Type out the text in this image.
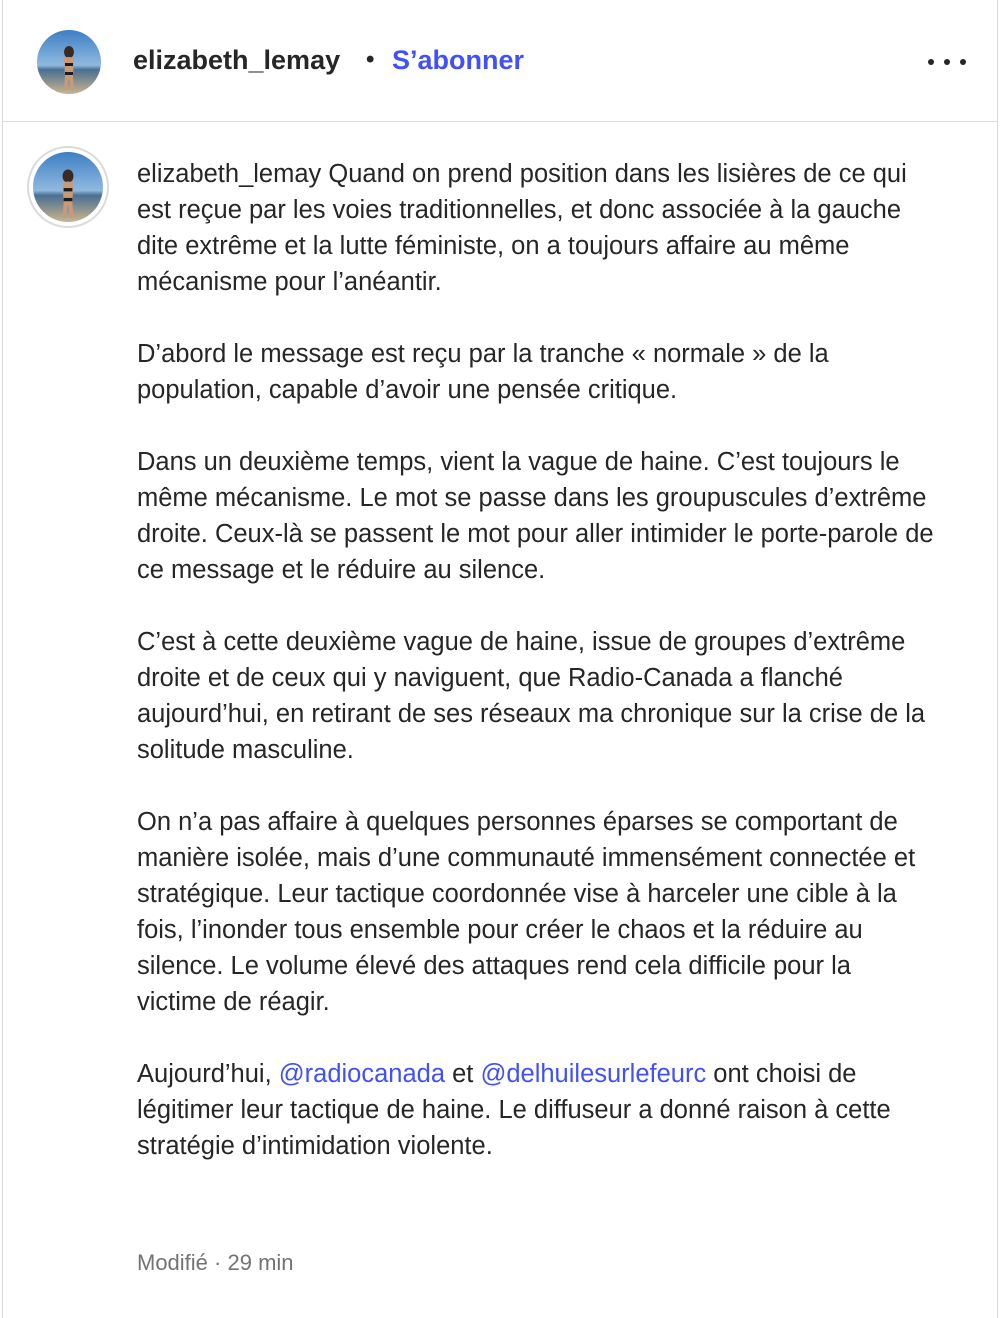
elizabeth_lemay • S’abonner

elizabeth_lemay Quand on prend position dans les lisières de ce qui est reçue par les voies traditionnelles, et donc associée à la gauche dite extrême et la lutte féministe, on a toujours affaire au même mécanisme pour l’anéantir.

D’abord le message est reçu par la tranche « normale » de la population, capable d’avoir une pensée critique.

Dans un deuxième temps, vient la vague de haine. C’est toujours le même mécanisme. Le mot se passe dans les groupuscules d’extrême droite. Ceux-là se passent le mot pour aller intimider le porte-parole de ce message et le réduire au silence.

C’est à cette deuxième vague de haine, issue de groupes d’extrême droite et de ceux qui y naviguent, que Radio-Canada a flanché aujourd’hui, en retirant de ses réseaux ma chronique sur la crise de la solitude masculine.

On n’a pas affaire à quelques personnes éparses se comportant de manière isolée, mais d’une communauté immensément connectée et stratégique. Leur tactique coordonnée vise à harceler une cible à la fois, l’inonder tous ensemble pour créer le chaos et la réduire au silence. Le volume élevé des attaques rend cela difficile pour la victime de réagir.

Aujourd’hui, @radiocanada et @delhuilesurlefeurc ont choisi de légitimer leur tactique de haine. Le diffuseur a donné raison à cette stratégie d’intimidation violente.

Modifié · 29 min
